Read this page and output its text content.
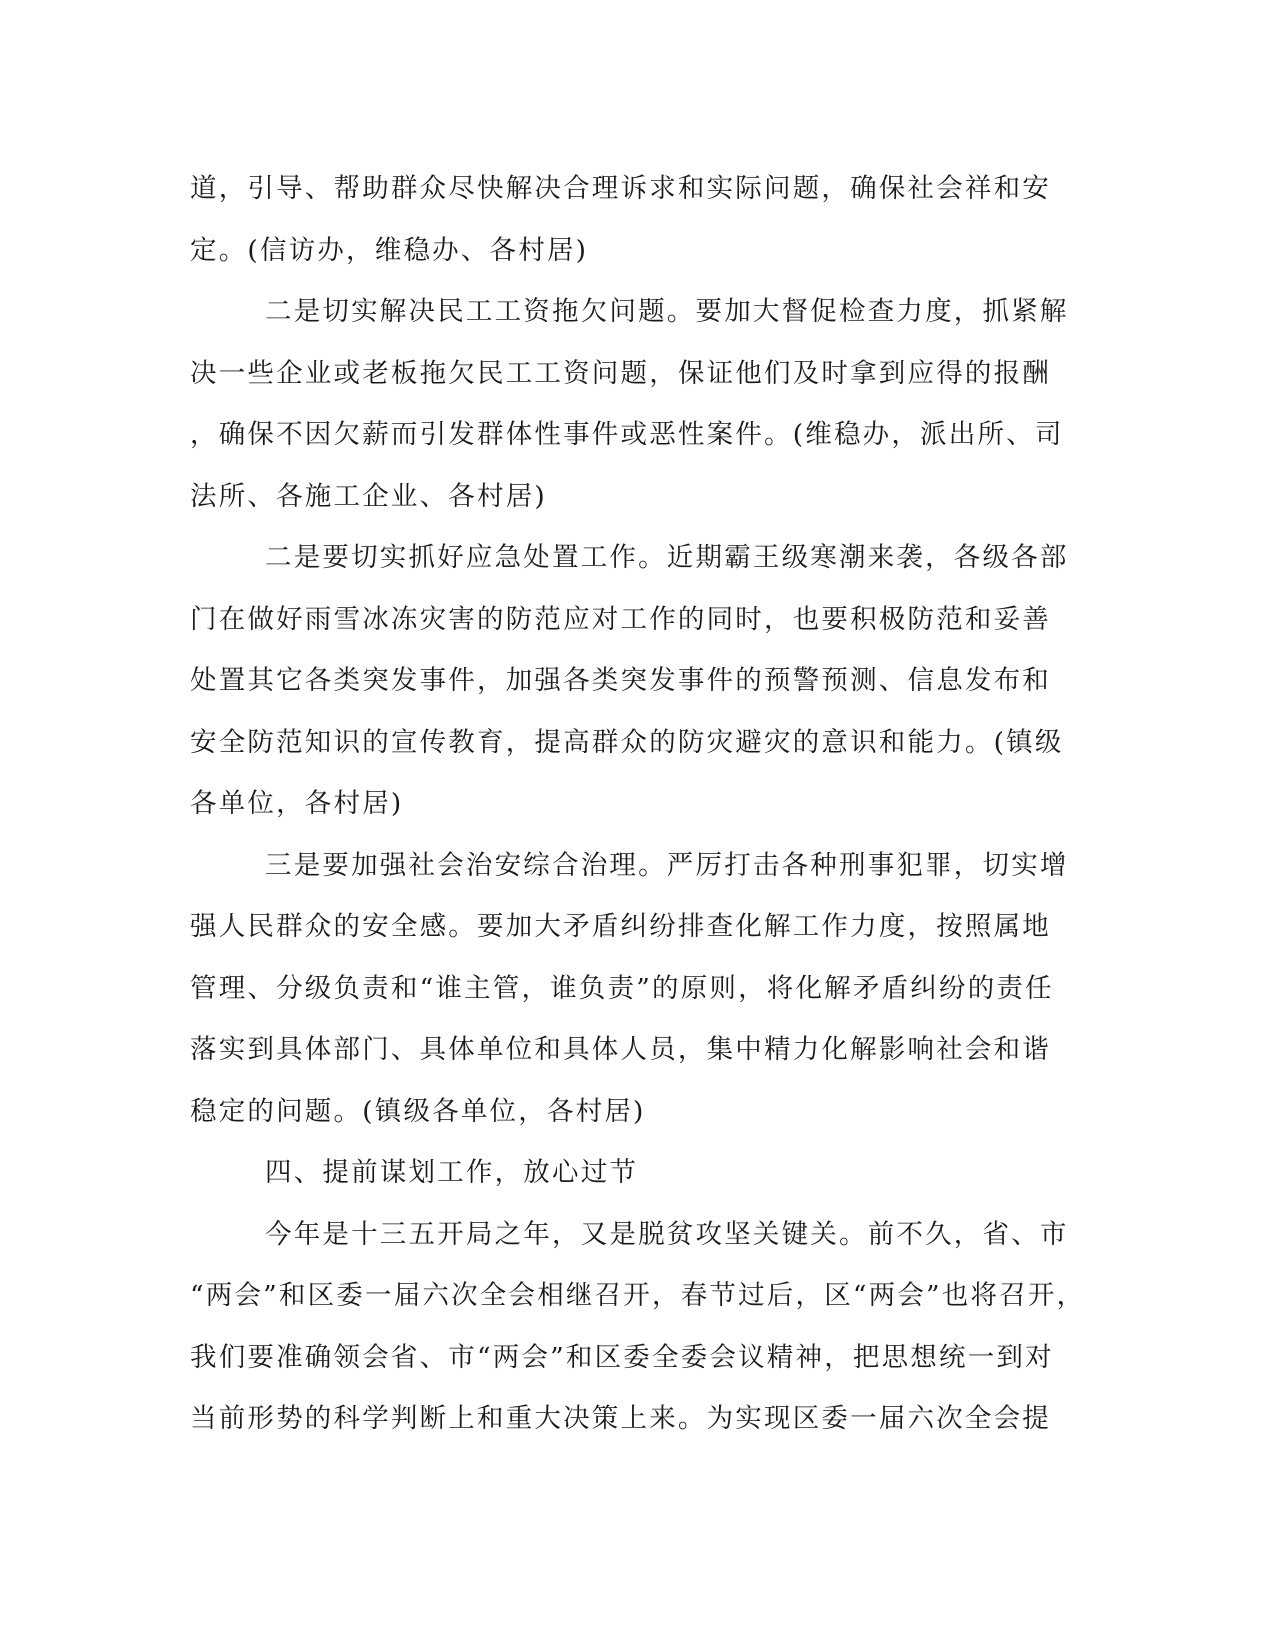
道，引导、帮助群众尽快解决合理诉求和实际问题，确保社会祥和安
定。(信访办，维稳办、各村居)
二是切实解决民工工资拖欠问题。要加大督促检查力度，抓紧解
决一些企业或老板拖欠民工工资问题，保证他们及时拿到应得的报酬
，确保不因欠薪而引发群体性事件或恶性案件。(维稳办，派出所、司
法所、各施工企业、各村居)
二是要切实抓好应急处置工作。近期霸王级寒潮来袭，各级各部
门在做好雨雪冰冻灾害的防范应对工作的同时，也要积极防范和妥善
处置其它各类突发事件，加强各类突发事件的预警预测、信息发布和
安全防范知识的宣传教育，提高群众的防灾避灾的意识和能力。(镇级
各单位，各村居)
三是要加强社会治安综合治理。严厉打击各种刑事犯罪，切实增
强人民群众的安全感。要加大矛盾纠纷排查化解工作力度，按照属地
管理、分级负责和“谁主管，谁负责”的原则，将化解矛盾纠纷的责任
落实到具体部门、具体单位和具体人员，集中精力化解影响社会和谐
稳定的问题。(镇级各单位，各村居)
四、提前谋划工作，放心过节
今年是十三五开局之年，又是脱贫攻坚关键关。前不久，省、市
“两会”和区委一届六次全会相继召开，春节过后，区“两会”也将召开，
我们要准确领会省、市“两会”和区委全委会议精神，把思想统一到对
当前形势的科学判断上和重大决策上来。为实现区委一届六次全会提
